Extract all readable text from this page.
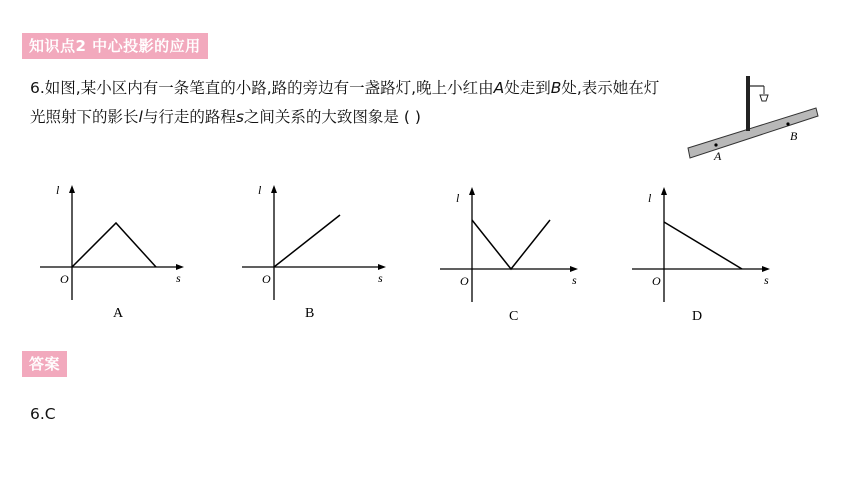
知识点2 中心投影的应用
6.如图,某小区内有一条笔直的小路,路的旁边有一盏路灯,晚上小红由A处走到B处,表示她在灯
光照射下的影长l与行走的路程s之间关系的大致图象是 ( )
A
B
l
s
O
A
l
s
O
B
l
s
O
C
l
s
O
D
答案
6.C
